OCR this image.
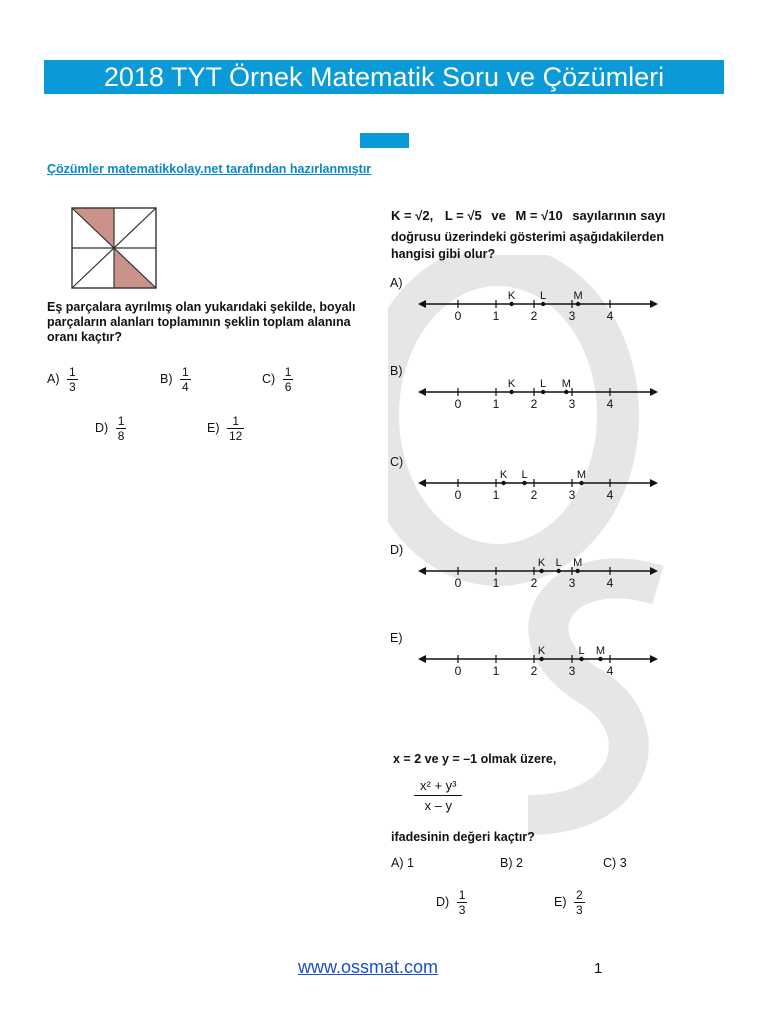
2018 TYT Örnek Matematik Soru ve Çözümleri
Çözümler matematikkolay.net tarafından hazırlanmıştır
Eş parçalara ayrılmış olan yukarıdaki şekilde, boyalı parçaların alanları toplamının şeklin toplam alanına oranı kaçtır?
$A) \frac{1}{3}$	$B) \frac{1}{4}$	$C) \frac{1}{6}$
$D) \frac{1}{8}$	$E) \frac{1}{12}$
K = √2, L = √5 ve M = √10 sayılarının sayı
doğrusu üzerindeki gösterimi aşağıdakilerden
hangisi gibi olur?
A)
0	1	2	3	4
K L M
B)
0	1	2	3	4
K L M
C)
0	1	2	3	4
K L	M
D)
0	1	2	3	4
K L M
E)
0	1	2	3	4
K	L M
x = 2 ve y = –1 olmak üzere,
$\frac{\text{x² + y³}}{x - y}$
ifadesinin değeri kaçtır?
A) 1	B) 2	C) 3
$D) \frac{1}{3}$	$E) \frac{2}{3}$
www.ossmat.com	1
